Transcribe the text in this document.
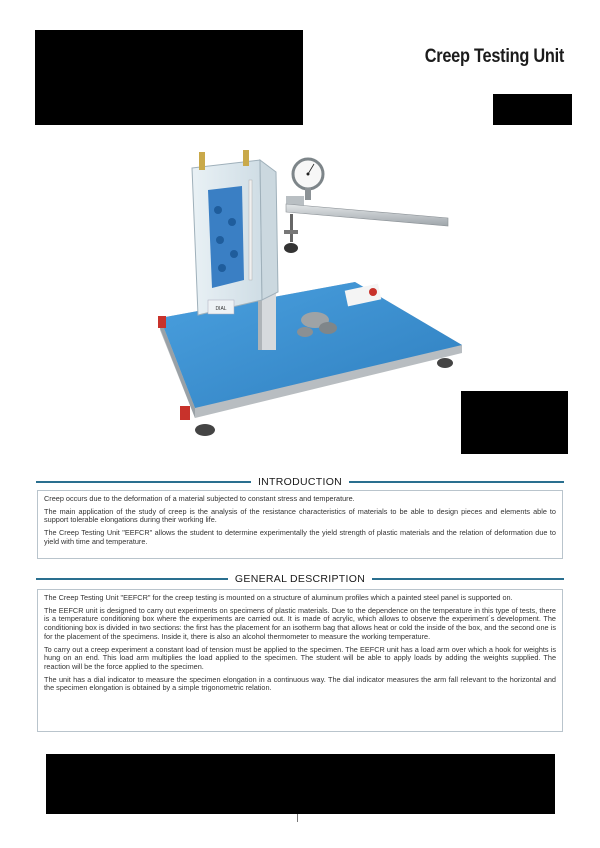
Creep Testing Unit
DIAL
INTRODUCTION

Creep occurs due to the deformation of a material subjected to constant stress and temperature.

The main application of the study of creep is the analysis of the resistance characteristics of materials to be able to design pieces and elements able to support tolerable elongations during their working life.

The Creep Testing Unit "EEFCR" allows the student to determine experimentally the yield strength of plastic materials and the relation of deformation due to yield with time and temperature.

GENERAL DESCRIPTION

The Creep Testing Unit "EEFCR" for the creep testing is mounted on a structure of aluminum profiles which a painted steel panel is supported on.

The EEFCR unit is designed to carry out experiments on specimens of plastic materials. Due to the dependence on the temperature in this type of tests, there is a temperature conditioning box where the experiments are carried out. It is made of acrylic, which allows to observe the experiment´s development. The conditioning box is divided in two sections: the first has the placement for an isotherm bag that allows heat or cold the inside of the box, and the second one is for the placement of the specimens. Inside it, there is also an alcohol thermometer to measure the working temperature.

To carry out a creep experiment a constant load of tension must be applied to the specimen. The EEFCR unit has a load arm over which a hook for weights is hung on an end. This load arm multiplies the load applied to the specimen. The student will be able to apply loads by adding the weights supplied. The reaction will be the force applied to the specimen.

The unit has a dial indicator to measure the specimen elongation in a continuous way. The dial indicator measures the arm fall relevant to the horizontal and the specimen elongation is obtained by a simple trigonometric relation.
